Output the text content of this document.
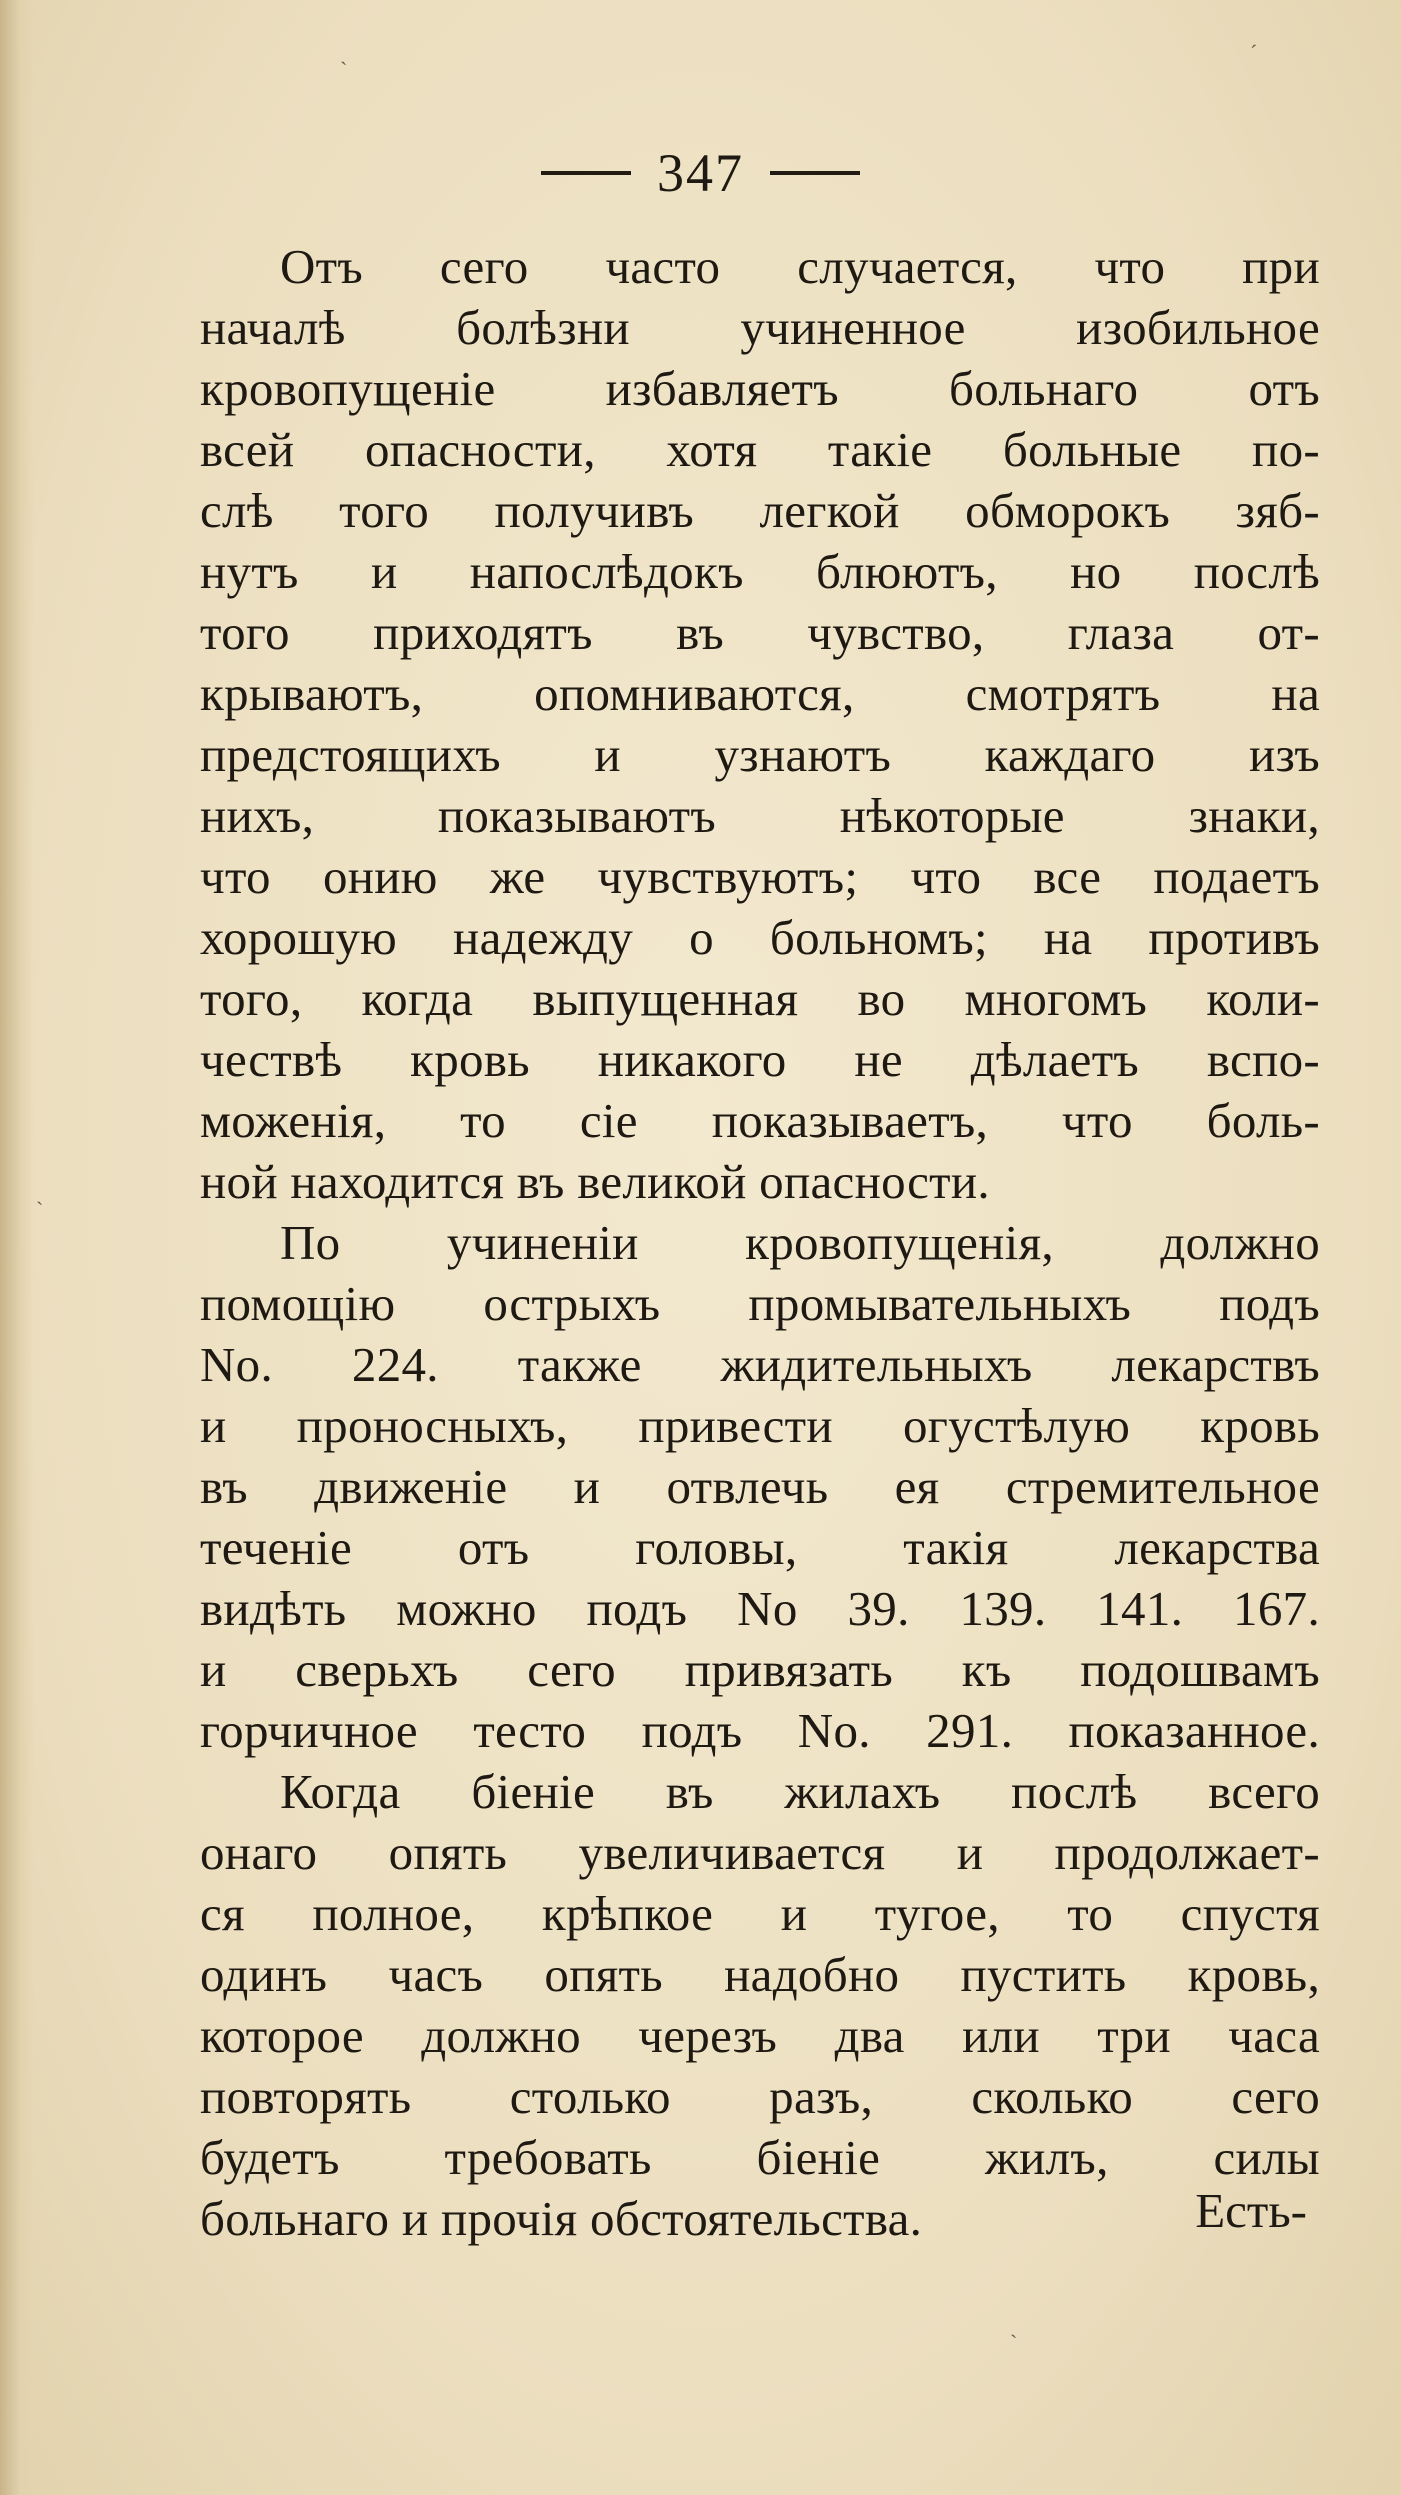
347
Отъ сего часто случается, что при
началѣ болѣзни учиненное изобильное
кровопущеніе избавляетъ больнаго отъ
всей опасности, хотя такіе больные по-
слѣ того получивъ легкой обморокъ зяб-
нутъ и напослѣдокъ блюютъ, но послѣ
того приходятъ въ чувство, глаза от-
крываютъ, опомниваются, смотрятъ на
предстоящихъ и узнаютъ каждаго изъ
нихъ, показываютъ нѣкоторые знаки,
что онию же чувствуютъ; что все подаетъ
хорошую надежду о больномъ; на противъ
того, когда выпущенная во многомъ коли-
чествѣ кровь никакого не дѣлаетъ вспо-
моженія, то сіе показываетъ, что боль-
ной находится въ великой опасности.
По учиненіи кровопущенія, должно
помощію острыхъ промывательныхъ подъ
No. 224. также жидительныхъ лекарствъ
и проносныхъ, привести огустѣлую кровь
въ движеніе и отвлечь ея стремительное
теченіе отъ головы, такія лекарства
видѣть можно подъ No 39. 139. 141. 167.
и сверьхъ сего привязать къ подошвамъ
горчичное тесто подъ No. 291. показанное.
Когда біеніе въ жилахъ послѣ всего
онаго опять увеличивается и продолжает-
ся полное, крѣпкое и тугое, то спустя
одинъ часъ опять надобно пустить кровь,
которое должно черезъ два или три часа
повторять столько разъ, сколько сего
будетъ требовать біеніе жилъ, силы
больнаго и прочія обстоятельства.	Есть-
ˏ
ˎ
ˊ
ˋ
